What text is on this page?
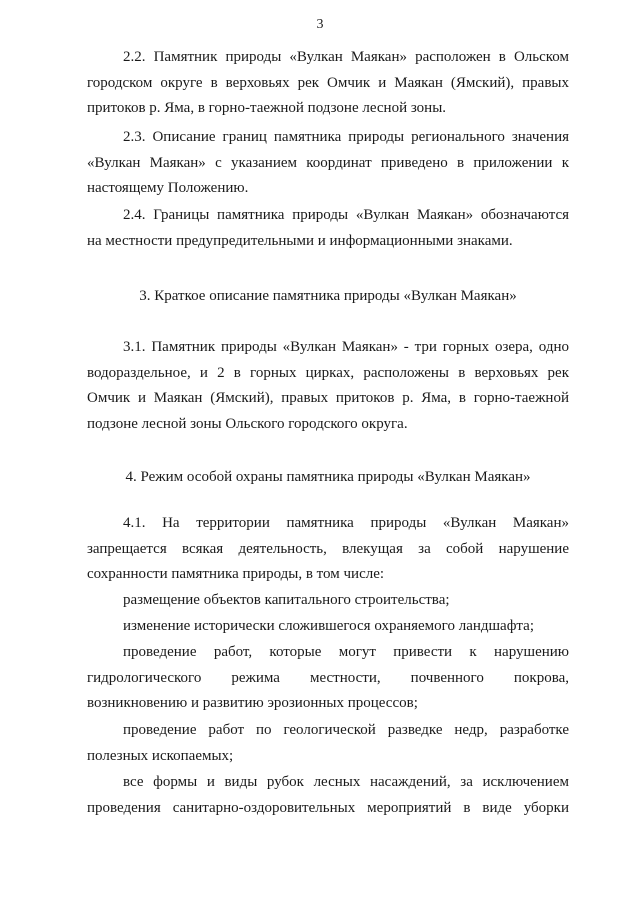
3
2.2. Памятник природы «Вулкан Маякан» расположен в Ольском
городском округе в верховьях рек Омчик и Маякан (Ямский), правых
притоков р. Яма, в горно-таежной подзоне лесной зоны.
2.3. Описание границ памятника природы регионального значения
«Вулкан Маякан» с указанием координат приведено в приложении к
настоящему Положению.
2.4. Границы памятника природы «Вулкан Маякан» обозначаются
на местности предупредительными и информационными знаками.
3. Краткое описание памятника природы «Вулкан Маякан»
3.1. Памятник природы «Вулкан Маякан» - три горных озера, одно
водораздельное, и 2 в горных цирках, расположены в верховьях рек
Омчик и Маякан (Ямский), правых притоков р. Яма, в горно-таежной
подзоне лесной зоны Ольского городского округа.
4. Режим особой охраны памятника природы «Вулкан Маякан»
4.1. На территории памятника природы «Вулкан Маякан»
запрещается всякая деятельность, влекущая за собой нарушение
сохранности памятника природы, в том числе:
размещение объектов капитального строительства;
изменение исторически сложившегося охраняемого ландшафта;
проведение работ, которые могут привести к нарушению
гидрологического режима местности, почвенного покрова,
возникновению и развитию эрозионных процессов;
проведение работ по геологической разведке недр, разработке
полезных ископаемых;
все формы и виды рубок лесных насаждений, за исключением
проведения санитарно-оздоровительных мероприятий в виде уборки
